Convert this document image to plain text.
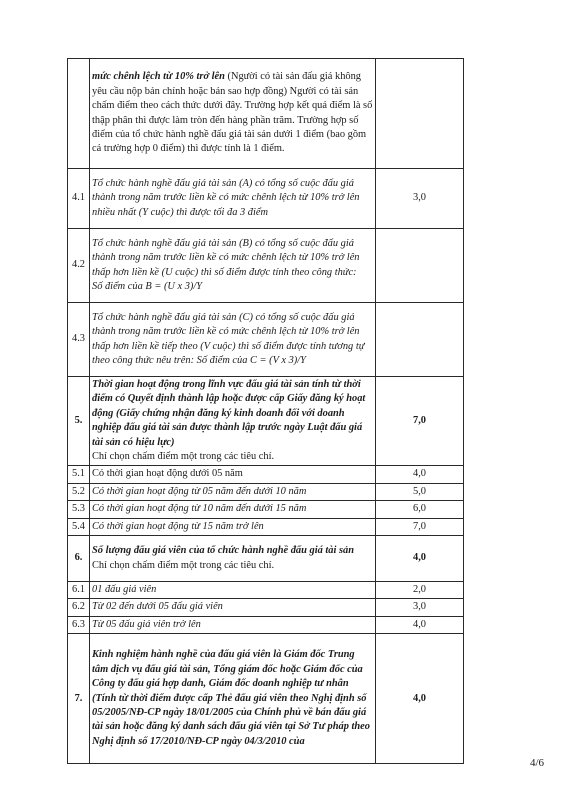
	mức chênh lệch từ 10% trở lên (Người có tài sản đấu giá không yêu cầu nộp bản chính hoặc bản sao hợp đồng) Người có tài sản chấm điểm theo cách thức dưới đây. Trường hợp kết quả điểm là số thập phân thì được làm tròn đến hàng phần trăm. Trường hợp số điểm của tổ chức hành nghề đấu giá tài sản dưới 1 điểm (bao gồm cả trường hợp 0 điểm) thì được tính là 1 điểm.	
4.1	Tổ chức hành nghề đấu giá tài sản (A) có tổng số cuộc đấu giá thành trong năm trước liền kề có mức chênh lệch từ 10% trở lên nhiều nhất (Y cuộc) thì được tối đa 3 điểm	3,0
4.2	Tổ chức hành nghề đấu giá tài sản (B) có tổng số cuộc đấu giá thành trong năm trước liền kề có mức chênh lệch từ 10% trở lên thấp hơn liền kề (U cuộc) thì số điểm được tính theo công thức:
Số điểm của B = (U x 3)/Y	

4.3	Tổ chức hành nghề đấu giá tài sản (C) có tổng số cuộc đấu giá thành trong năm trước liền kề có mức chênh lệch từ 10% trở lên thấp hơn liền kề tiếp theo (V cuộc) thì số điểm được tính tương tự theo công thức nêu trên: Số điểm của C = (V x 3)/Y	
5.	Thời gian hoạt động trong lĩnh vực đấu giá tài sản tính từ thời điểm có Quyết định thành lập hoặc được cấp Giấy đăng ký hoạt động (Giấy chứng nhận đăng ký kinh doanh đối với doanh nghiệp đấu giá tài sản được thành lập trước ngày Luật đấu giá tài sản có hiệu lực)
Chỉ chọn chấm điểm một trong các tiêu chí.	7,0
5.1	Có thời gian hoạt động dưới 05 năm	4,0
5.2	Có thời gian hoạt động từ 05 năm đến dưới 10 năm	5,0
5.3	Có thời gian hoạt động từ 10 năm đến dưới 15 năm	6,0
5.4	Có thời gian hoạt động từ 15 năm trở lên	7,0
6.	Số lượng đấu giá viên của tổ chức hành nghề đấu giá tài sản
Chỉ chọn chấm điểm một trong các tiêu chí.	4,0
6.1	01 đấu giá viên	2,0
6.2	Từ 02 đến dưới 05 đấu giá viên	3,0
6.3	Từ 05 đấu giá viên trở lên	4,0
7.	Kinh nghiệm hành nghề của đấu giá viên là Giám đốc Trung tâm dịch vụ đấu giá tài sản, Tổng giám đốc hoặc Giám đốc của Công ty đấu giá hợp danh, Giám đốc doanh nghiệp tư nhân (Tính từ thời điểm được cấp Thẻ đấu giá viên theo Nghị định số 05/2005/NĐ-CP ngày 18/01/2005 của Chính phủ về bán đấu giá tài sản hoặc đăng ký danh sách đấu giá viên tại Sở Tư pháp theo Nghị định số 17/2010/NĐ-CP ngày 04/3/2010 của	4,0
4/6
